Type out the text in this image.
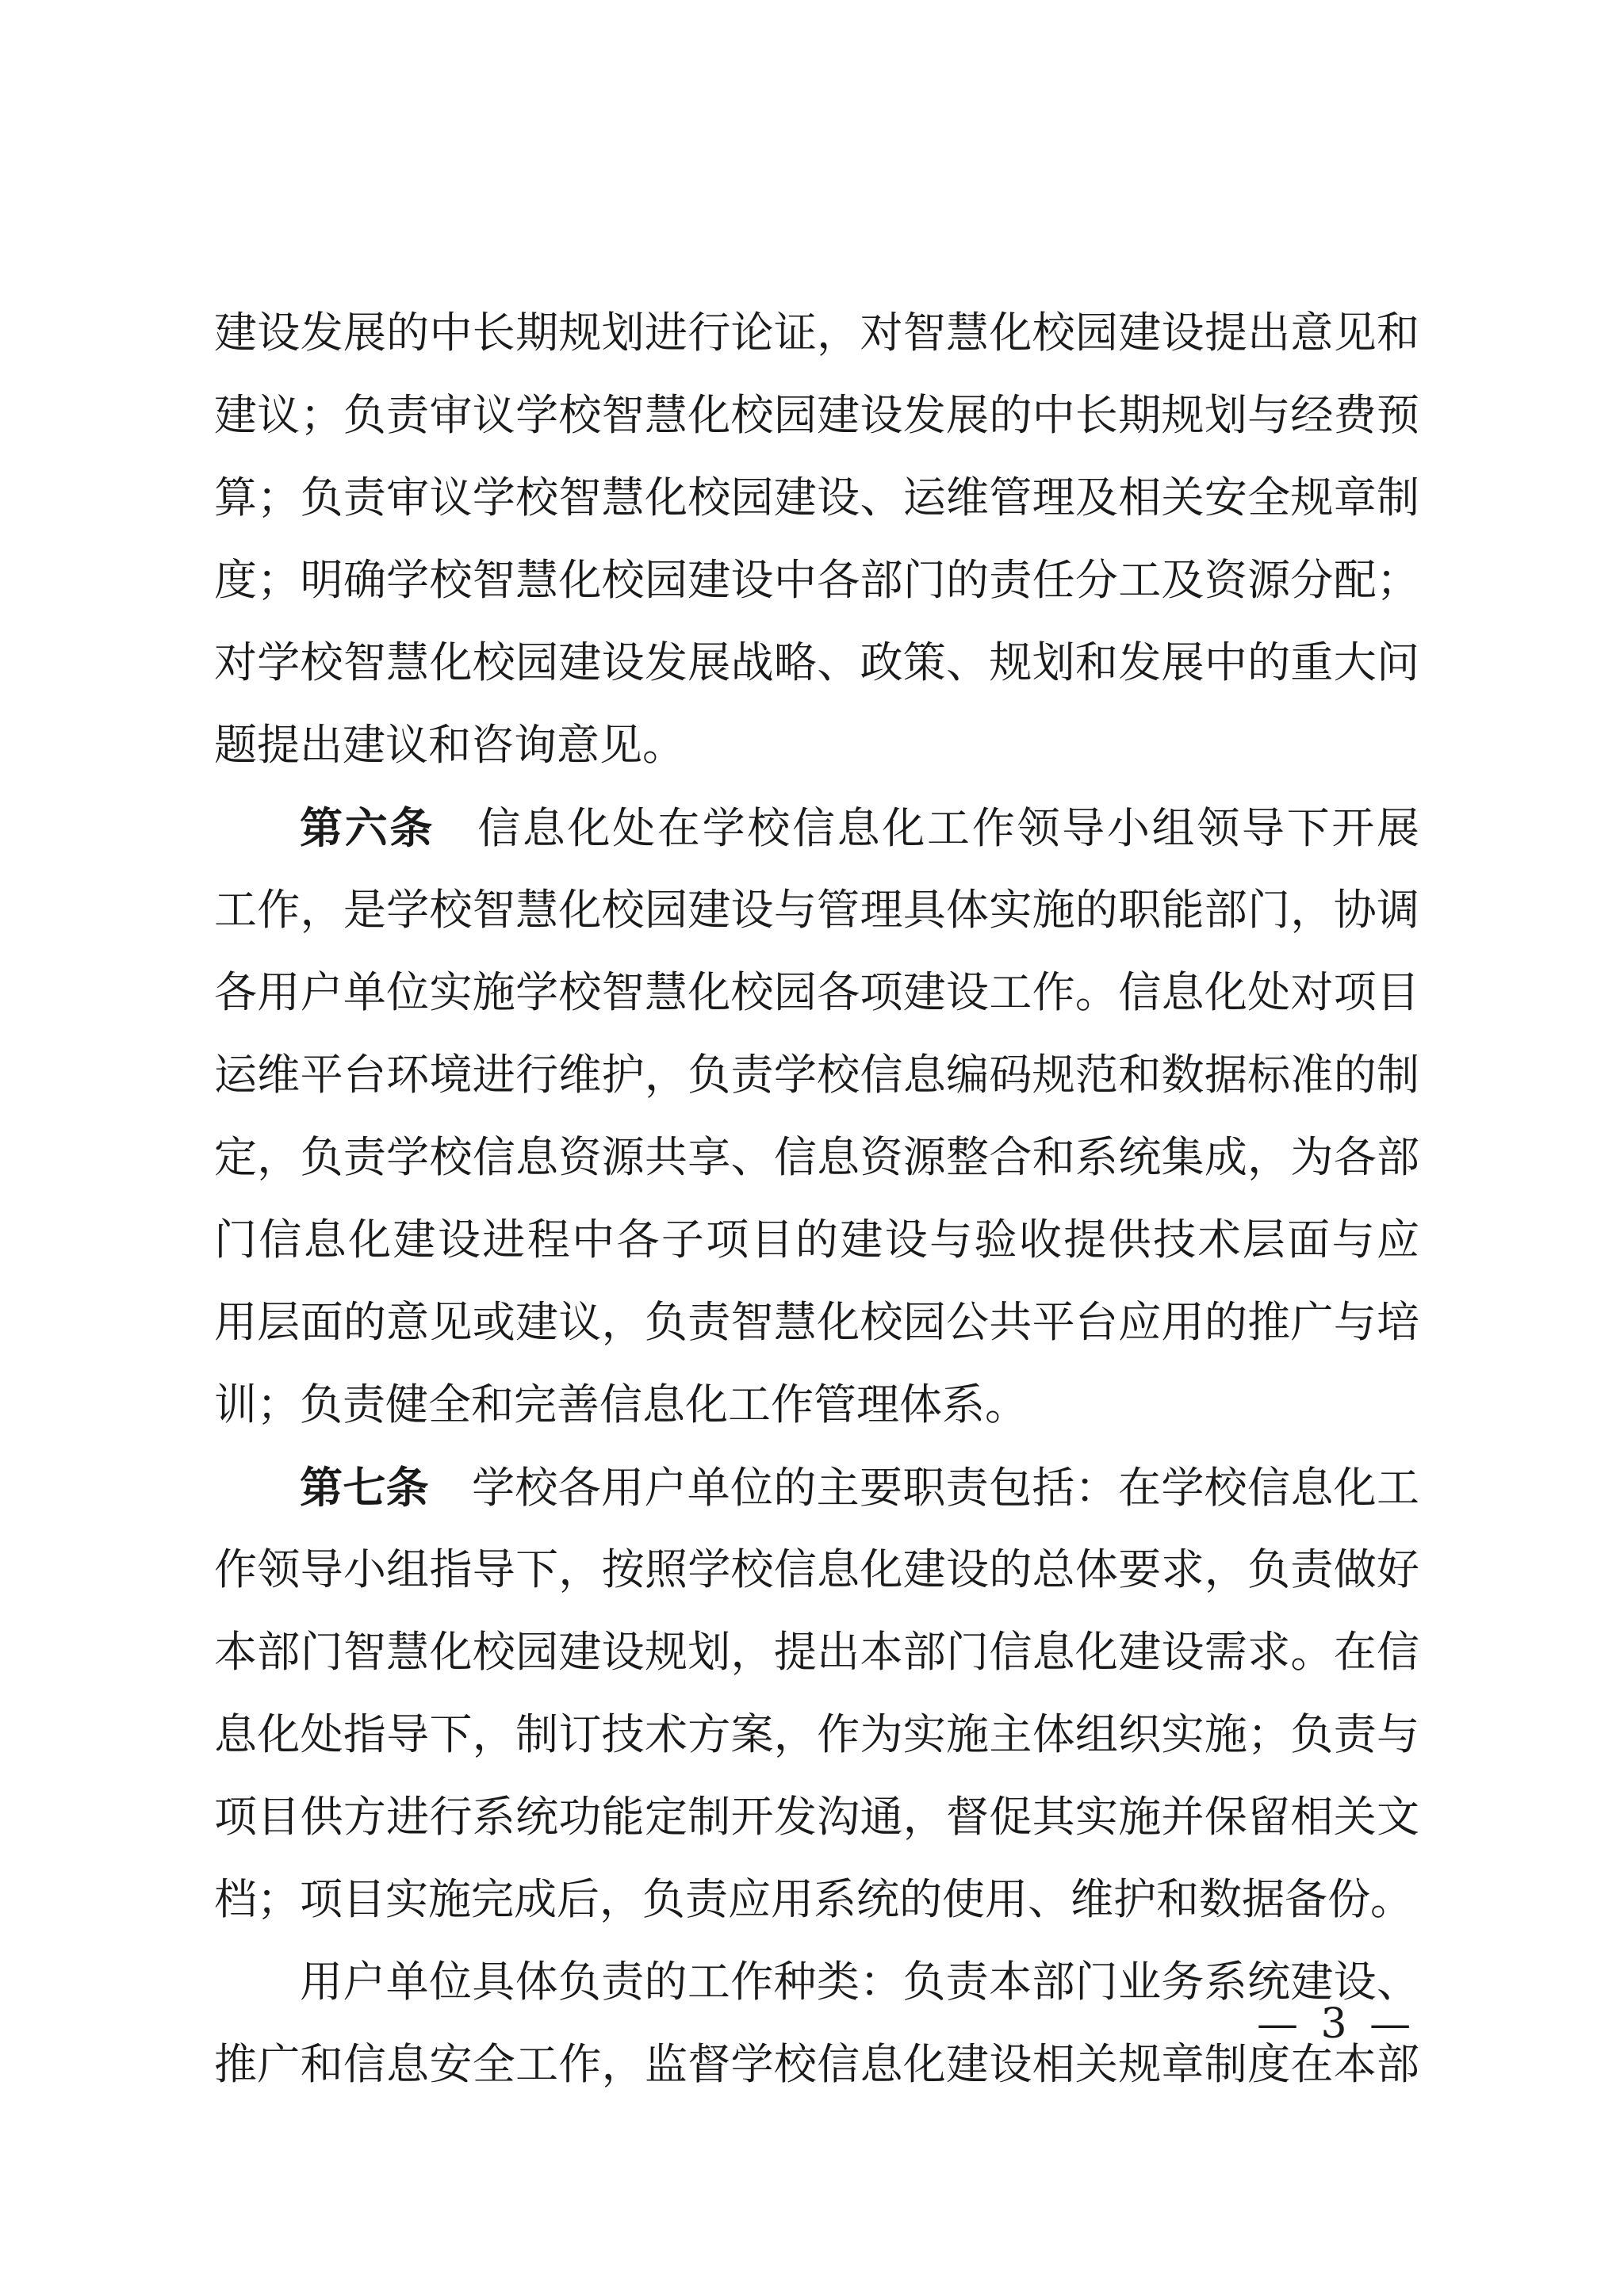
建设发展的中长期规划进行论证，对智慧化校园建设提出意见和
建议；负责审议学校智慧化校园建设发展的中长期规划与经费预
算；负责审议学校智慧化校园建设、运维管理及相关安全规章制
度；明确学校智慧化校园建设中各部门的责任分工及资源分配；
对学校智慧化校园建设发展战略、政策、规划和发展中的重大问
题提出建议和咨询意见。
第六条 信息化处在学校信息化工作领导小组领导下开展
工作，是学校智慧化校园建设与管理具体实施的职能部门，协调
各用户单位实施学校智慧化校园各项建设工作。信息化处对项目
运维平台环境进行维护，负责学校信息编码规范和数据标准的制
定，负责学校信息资源共享、信息资源整合和系统集成，为各部
门信息化建设进程中各子项目的建设与验收提供技术层面与应
用层面的意见或建议，负责智慧化校园公共平台应用的推广与培
训；负责健全和完善信息化工作管理体系。
第七条 学校各用户单位的主要职责包括：在学校信息化工
作领导小组指导下，按照学校信息化建设的总体要求，负责做好
本部门智慧化校园建设规划，提出本部门信息化建设需求。在信
息化处指导下，制订技术方案，作为实施主体组织实施；负责与
项目供方进行系统功能定制开发沟通，督促其实施并保留相关文
档；项目实施完成后，负责应用系统的使用、维护和数据备份。
用户单位具体负责的工作种类：负责本部门业务系统建设、
推广和信息安全工作，监督学校信息化建设相关规章制度在本部
— 3 —
